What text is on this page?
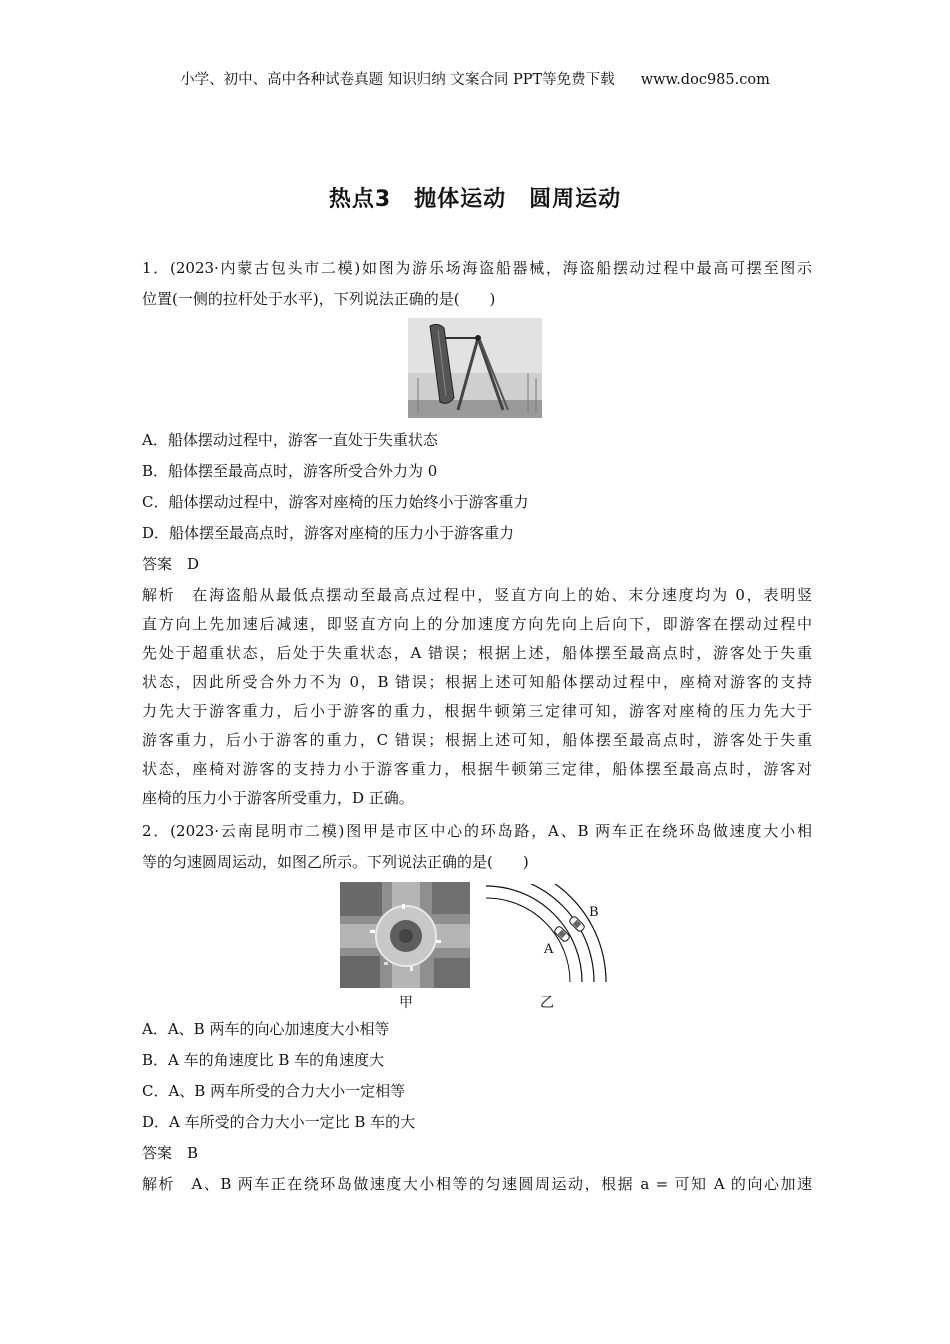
小学、初中、高中各种试卷真题 知识归纳 文案合同 PPT等免费下载 www.doc985.com
热点3　抛体运动　圆周运动
1．(2023·内蒙古包头市二模)如图为游乐场海盗船器械，海盗船摆动过程中最高可摆至图示
位置(一侧的拉杆处于水平)，下列说法正确的是(　　)
A．船体摆动过程中，游客一直处于失重状态
B．船体摆至最高点时，游客所受合外力为 0
C．船体摆动过程中，游客对座椅的压力始终小于游客重力
D．船体摆至最高点时，游客对座椅的压力小于游客重力
答案　D
解析　在海盗船从最低点摆动至最高点过程中，竖直方向上的始、末分速度均为 0，表明竖
直方向上先加速后减速，即竖直方向上的分加速度方向先向上后向下，即游客在摆动过程中
先处于超重状态，后处于失重状态，A 错误；根据上述，船体摆至最高点时，游客处于失重
状态，因此所受合外力不为 0，B 错误；根据上述可知船体摆动过程中，座椅对游客的支持
力先大于游客重力，后小于游客的重力，根据牛顿第三定律可知，游客对座椅的压力先大于
游客重力，后小于游客的重力，C 错误；根据上述可知，船体摆至最高点时，游客处于失重
状态，座椅对游客的支持力小于游客重力，根据牛顿第三定律，船体摆至最高点时，游客对
座椅的压力小于游客所受重力，D 正确。
2．(2023·云南昆明市二模)图甲是市区中心的环岛路，A、B 两车正在绕环岛做速度大小相
等的匀速圆周运动，如图乙所示。下列说法正确的是(　　)
甲
A
B
乙
A．A、B 两车的向心加速度大小相等
B．A 车的角速度比 B 车的角速度大
C．A、B 两车所受的合力大小一定相等
D．A 车所受的合力大小一定比 B 车的大
答案　B
解析　A、B 两车正在绕环岛做速度大小相等的匀速圆周运动，根据 a = 可知 A 的向心加速
